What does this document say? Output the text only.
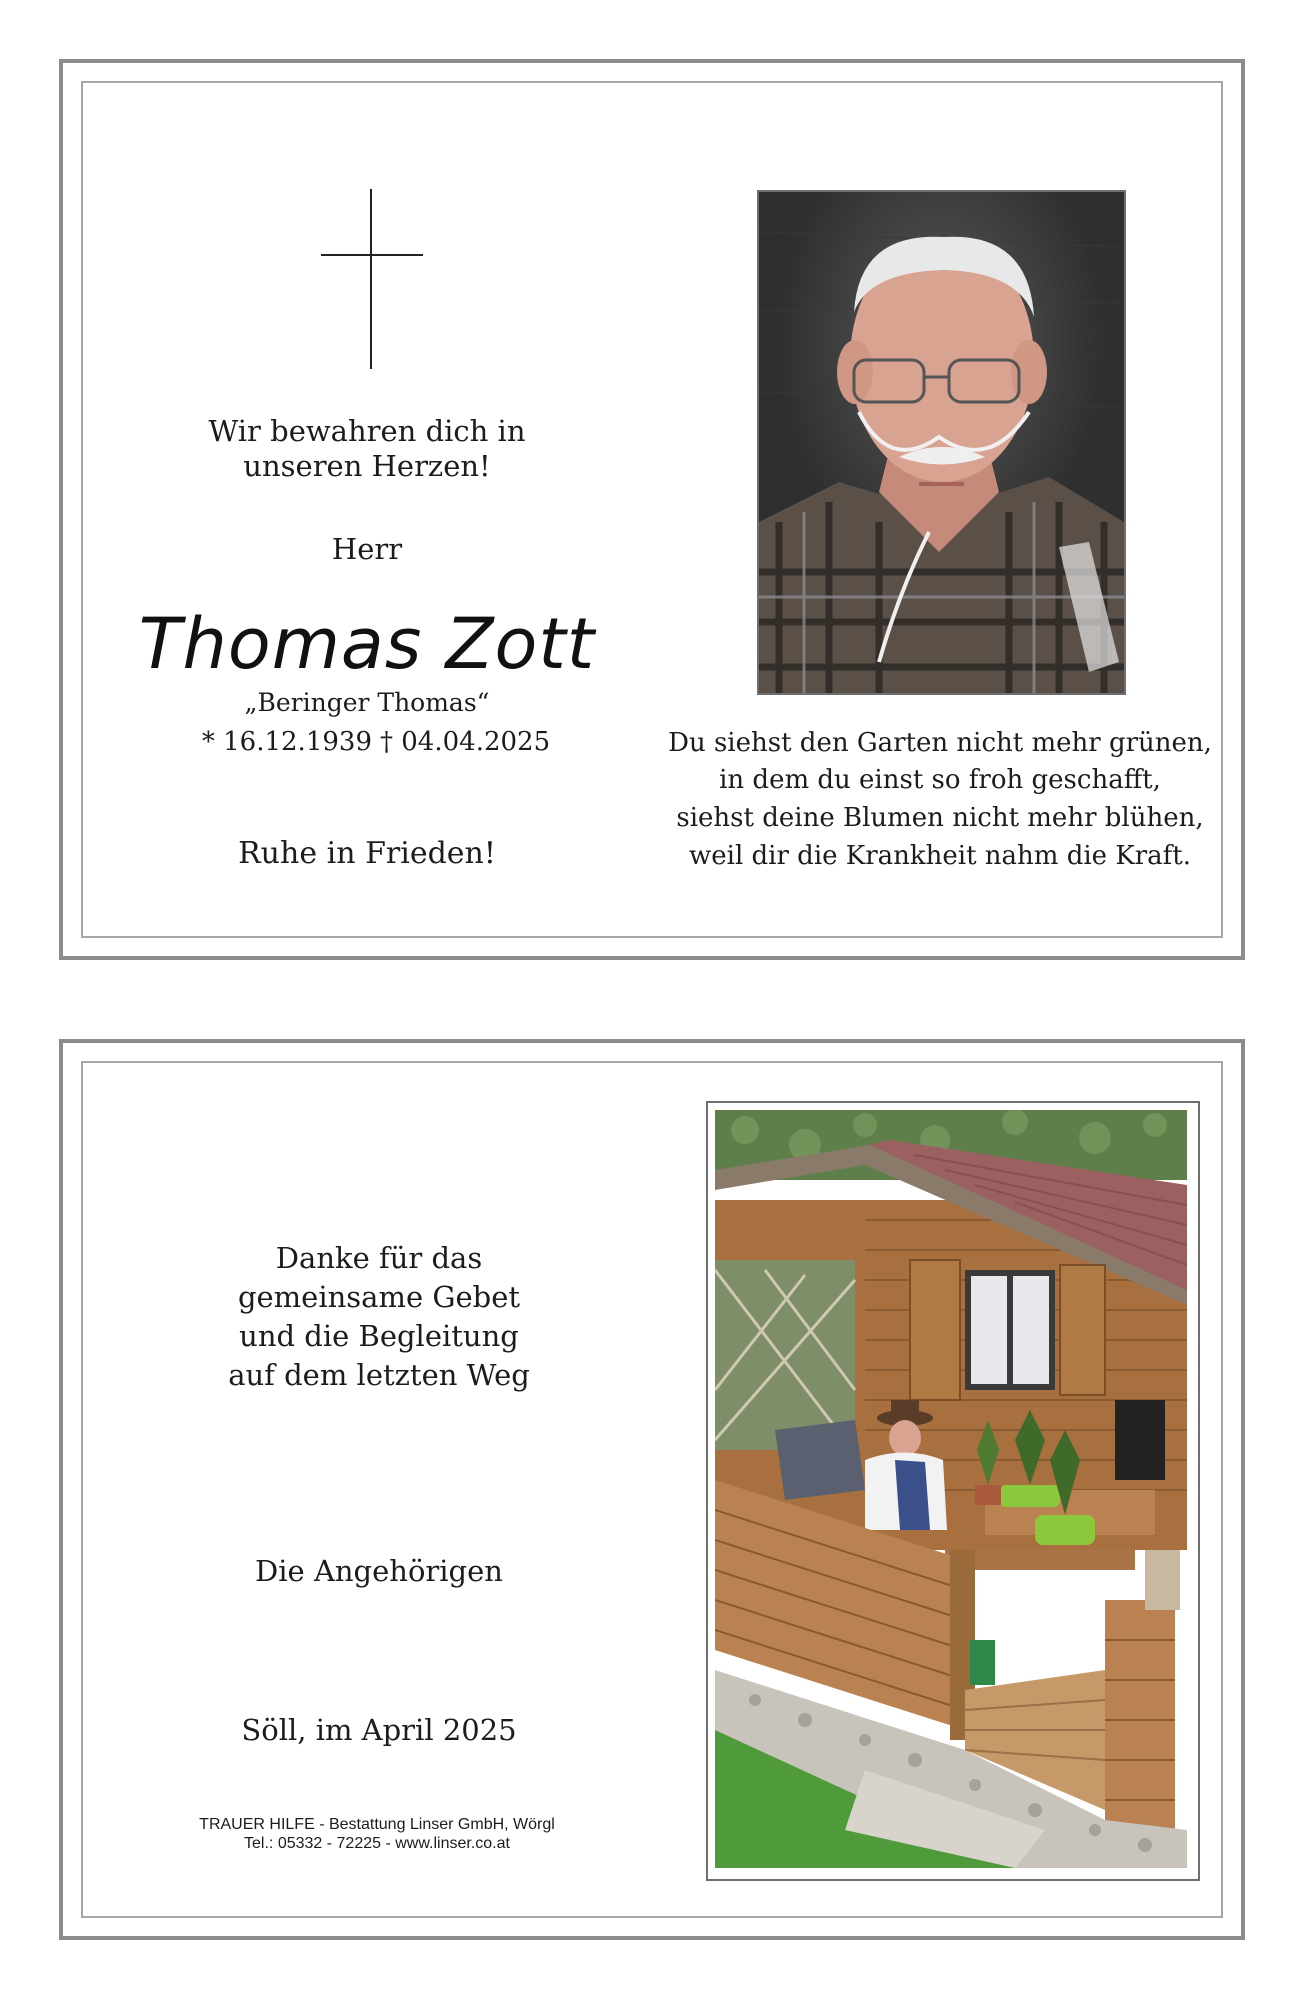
Wir bewahren dich in
unseren Herzen!
Herr
Thomas Zott
„Beringer Thomas“
* 16.12.1939 † 04.04.2025
Ruhe in Frieden!
Du siehst den Garten nicht mehr grünen,
in dem du einst so froh geschafft,
siehst deine Blumen nicht mehr blühen,
weil dir die Krankheit nahm die Kraft.
Danke für das
gemeinsame Gebet
und die Begleitung
auf dem letzten Weg
Die Angehörigen
Söll, im April 2025
TRAUER HILFE - Bestattung Linser GmbH, Wörgl
Tel.: 05332 - 72225 - www.linser.co.at
